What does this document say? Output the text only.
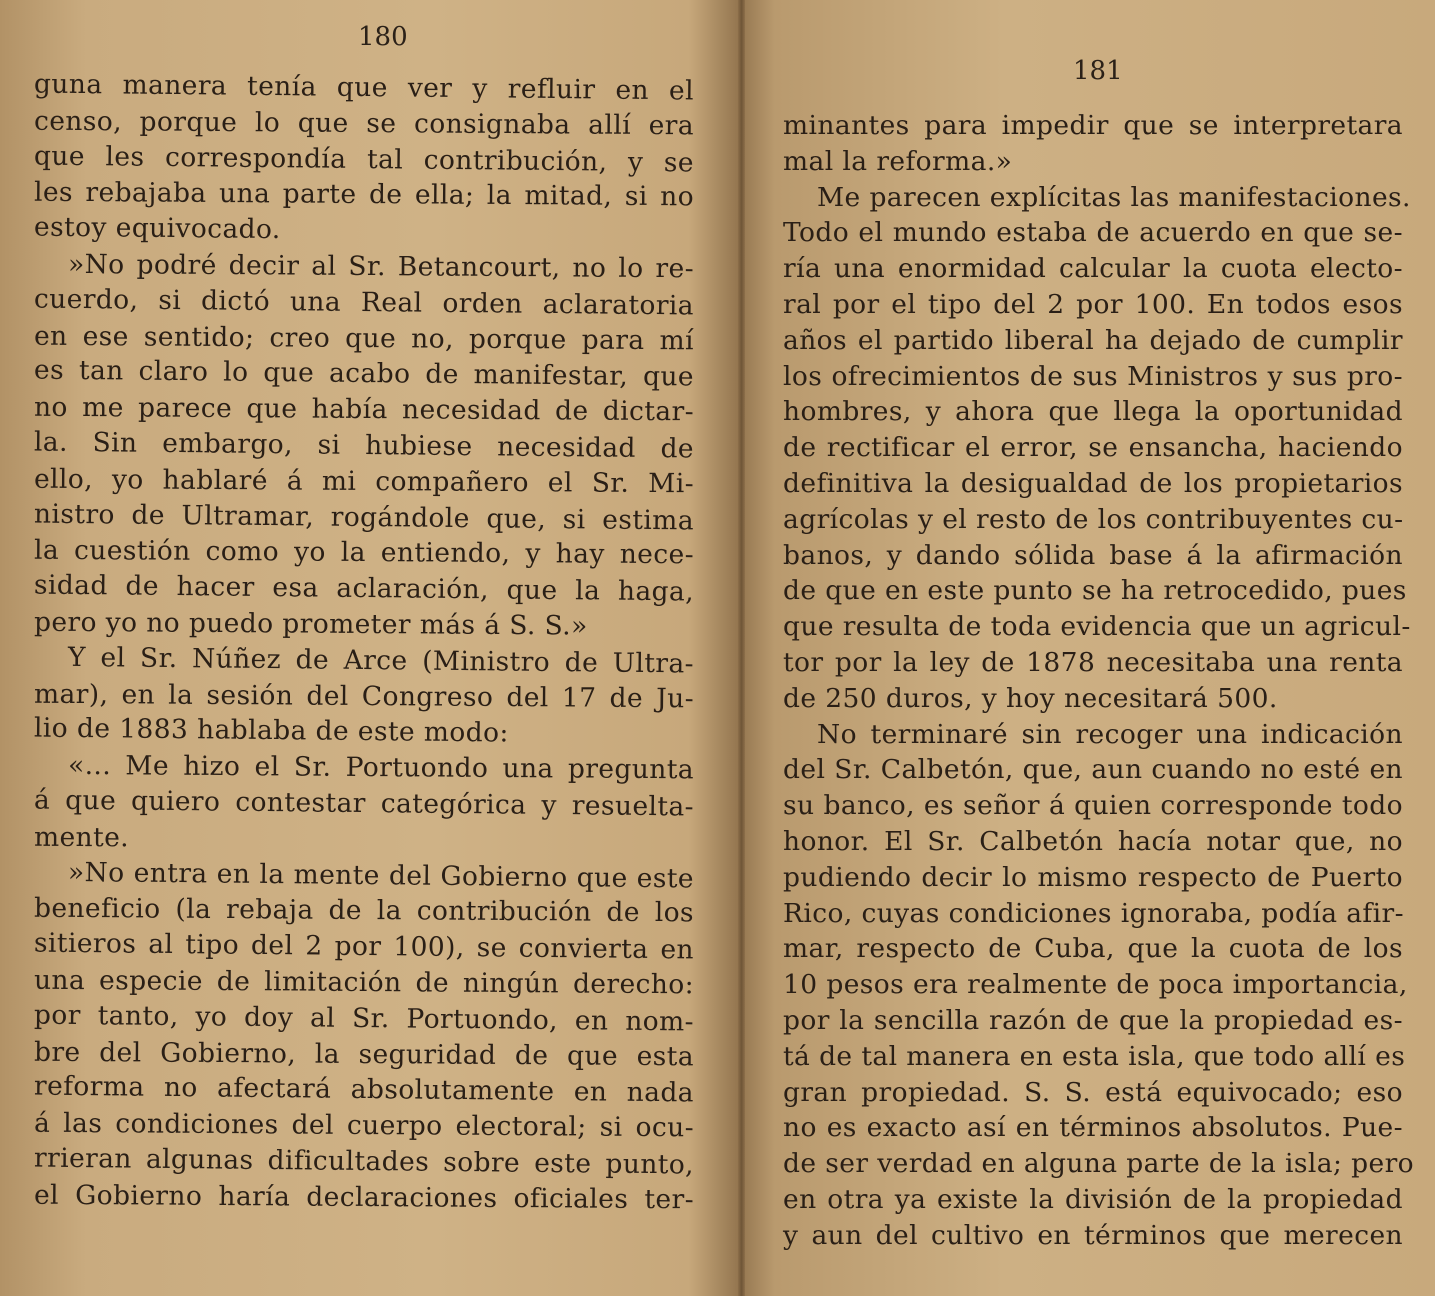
180
guna manera tenía que ver y refluir en el
censo, porque lo que se consignaba allí era
que les correspondía tal contribución, y se
les rebajaba una parte de ella; la mitad, si no
estoy equivocado.
»No podré decir al Sr. Betancourt, no lo re-
cuerdo, si dictó una Real orden aclaratoria
en ese sentido; creo que no, porque para mí
es tan claro lo que acabo de manifestar, que
no me parece que había necesidad de dictar-
la. Sin embargo, si hubiese necesidad de
ello, yo hablaré á mi compañero el Sr. Mi-
nistro de Ultramar, rogándole que, si estima
la cuestión como yo la entiendo, y hay nece-
sidad de hacer esa aclaración, que la haga,
pero yo no puedo prometer más á S. S.»
Y el Sr. Núñez de Arce (Ministro de Ultra-
mar), en la sesión del Congreso del 17 de Ju-
lio de 1883 hablaba de este modo:
«... Me hizo el Sr. Portuondo una pregunta
á que quiero contestar categórica y resuelta-
mente.
»No entra en la mente del Gobierno que este
beneficio (la rebaja de la contribución de los
sitieros al tipo del 2 por 100), se convierta en
una especie de limitación de ningún derecho:
por tanto, yo doy al Sr. Portuondo, en nom-
bre del Gobierno, la seguridad de que esta
reforma no afectará absolutamente en nada
á las condiciones del cuerpo electoral; si ocu-
rrieran algunas dificultades sobre este punto,
el Gobierno haría declaraciones oficiales ter-
181
minantes para impedir que se interpretara
mal la reforma.»
Me parecen explícitas las manifestaciones.
Todo el mundo estaba de acuerdo en que se-
ría una enormidad calcular la cuota electo-
ral por el tipo del 2 por 100. En todos esos
años el partido liberal ha dejado de cumplir
los ofrecimientos de sus Ministros y sus pro-
hombres, y ahora que llega la oportunidad
de rectificar el error, se ensancha, haciendo
definitiva la desigualdad de los propietarios
agrícolas y el resto de los contribuyentes cu-
banos, y dando sólida base á la afirmación
de que en este punto se ha retrocedido, pues
que resulta de toda evidencia que un agricul-
tor por la ley de 1878 necesitaba una renta
de 250 duros, y hoy necesitará 500.
No terminaré sin recoger una indicación
del Sr. Calbetón, que, aun cuando no esté en
su banco, es señor á quien corresponde todo
honor. El Sr. Calbetón hacía notar que, no
pudiendo decir lo mismo respecto de Puerto
Rico, cuyas condiciones ignoraba, podía afir-
mar, respecto de Cuba, que la cuota de los
10 pesos era realmente de poca importancia,
por la sencilla razón de que la propiedad es-
tá de tal manera en esta isla, que todo allí es
gran propiedad. S. S. está equivocado; eso
no es exacto así en términos absolutos. Pue-
de ser verdad en alguna parte de la isla; pero
en otra ya existe la división de la propiedad
y aun del cultivo en términos que merecen
